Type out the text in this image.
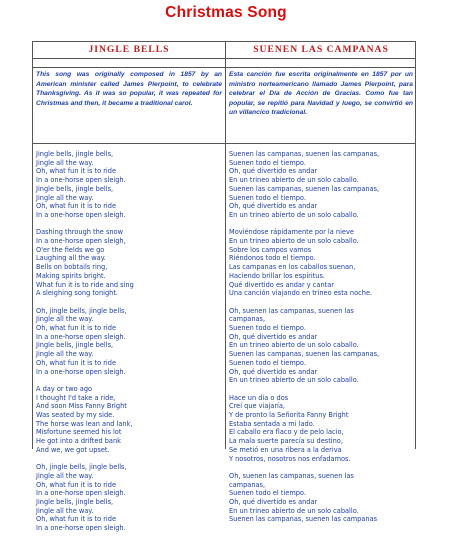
Christmas Song
JINGLE BELLS
This song was originally composed in 1857 by an American minister called James Pierpoint, to celebrate Thanksgiving. As it was so popular, it was repeated for Christmas and then, it became a traditional carol.
Jingle bells, jingle bells,
Jingle all the way.
Oh, what fun it is to ride
In a one-horse open sleigh.
Jingle bells, jingle bells,
Jingle all the way.
Oh, what fun it is to ride
In a one-horse open sleigh.
Dashing through the snow
In a one-horse open sleigh,
O'er the fields we go
Laughing all the way.
Bells on bobtails ring,
Making spirits bright.
What fun it is to ride and sing
A sleighing song tonight.
Oh, jingle bells, jingle bells,
Jingle all the way.
Oh, what fun it is to ride
In a one-horse open sleigh.
Jingle bells, jingle bells,
Jingle all the way.
Oh, what fun it is to ride
In a one-horse open sleigh.
A day or two ago
I thought I'd take a ride,
And soon Miss Fanny Bright
Was seated by my side.
The horse was lean and lank,
Misfortune seemed his lot
He got into a drifted bank
And we, we got upset.
Oh, jingle bells, jingle bells,
Jingle all the way.
Oh, what fun it is to ride
In a one-horse open sleigh.
Jingle bells, jingle bells,
Jingle all the way.
Oh, what fun it is to ride
In a one-horse open sleigh.
SUENEN LAS CAMPANAS
Esta canción fue escrita originalmente en 1857 por un ministro norteamericano llamado James Pierpoint, para celebrar el Día de Acción de Gracias. Como fue tan popular, se repitió para Navidad y luego, se convirtió en un villancico tradicional.
Suenen las campanas, suenen las campanas,
Suenen todo el tiempo.
Oh, qué divertido es andar
En un trineo abierto de un solo caballo.
Suenen las campanas, suenen las campanas,
Suenen todo el tiempo.
Oh, qué divertido es andar
En un trineo abierto de un solo caballo.
Moviéndose rápidamente por la nieve
En un trineo abierto de un solo caballo.
Sobre los campos vamos
Riéndonos todo el tiempo.
Las campanas en los caballos suenan,
Haciendo brillar los espíritus.
Qué divertido es andar y cantar
Una canción viajando en trineo esta noche.
Oh, suenen las campanas, suenen las
campanas,
Suenen todo el tiempo.
Oh, qué divertido es andar
En un trineo abierto de un solo caballo.
Suenen las campanas, suenen las campanas,
Suenen todo el tiempo.
Oh, qué divertido es andar
En un trineo abierto de un solo caballo.
Hace un día o dos
Creí que viajaría,
Y de pronto la Señorita Fanny Bright
Estaba sentada a mi lado.
El caballo era flaco y de pelo lacio,
La mala suerte parecía su destino,
Se metió en una ribera a la deriva
Y nosotros, nosotros nos enfadamos.
Oh, suenen las campanas, suenen las
campanas,
Suenen todo el tiempo.
Oh, qué divertido es andar
En un trineo abierto de un solo caballo.
Suenen las campanas, suenen las campanas
